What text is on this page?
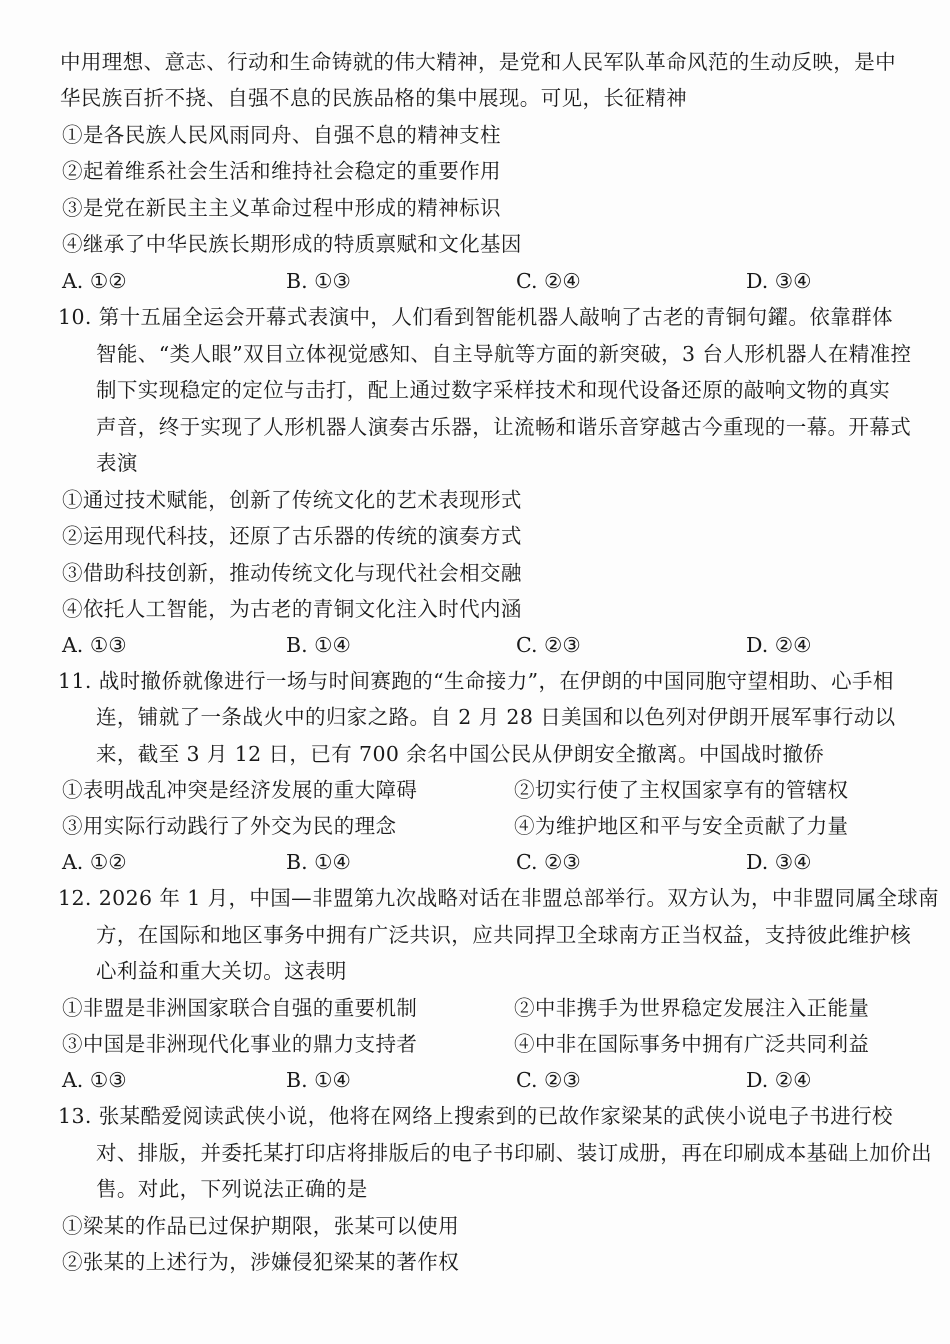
中用理想、意志、行动和生命铸就的伟大精神，是党和人民军队革命风范的生动反映，是中
华民族百折不挠、自强不息的民族品格的集中展现。可见，长征精神
①是各民族人民风雨同舟、自强不息的精神支柱
②起着维系社会生活和维持社会稳定的重要作用
③是党在新民主主义革命过程中形成的精神标识
④继承了中华民族长期形成的特质禀赋和文化基因
A. ①②	B. ①③	C. ②④	D. ③④
10. 第十五届全运会开幕式表演中，人们看到智能机器人敲响了古老的青铜句鑃。依靠群体
智能、“类人眼”双目立体视觉感知、自主导航等方面的新突破，3 台人形机器人在精准控
制下实现稳定的定位与击打，配上通过数字采样技术和现代设备还原的敲响文物的真实
声音，终于实现了人形机器人演奏古乐器，让流畅和谐乐音穿越古今重现的一幕。开幕式
表演
①通过技术赋能，创新了传统文化的艺术表现形式
②运用现代科技，还原了古乐器的传统的演奏方式
③借助科技创新，推动传统文化与现代社会相交融
④依托人工智能，为古老的青铜文化注入时代内涵
A. ①③	B. ①④	C. ②③	D. ②④
11. 战时撤侨就像进行一场与时间赛跑的“生命接力”，在伊朗的中国同胞守望相助、心手相
连，铺就了一条战火中的归家之路。自 2 月 28 日美国和以色列对伊朗开展军事行动以
来，截至 3 月 12 日，已有 700 余名中国公民从伊朗安全撤离。中国战时撤侨
①表明战乱冲突是经济发展的重大障碍	②切实行使了主权国家享有的管辖权
③用实际行动践行了外交为民的理念	④为维护地区和平与安全贡献了力量
A. ①②	B. ①④	C. ②③	D. ③④
12. 2026 年 1 月，中国—非盟第九次战略对话在非盟总部举行。双方认为，中非盟同属全球南
方，在国际和地区事务中拥有广泛共识，应共同捍卫全球南方正当权益，支持彼此维护核
心利益和重大关切。这表明
①非盟是非洲国家联合自强的重要机制	②中非携手为世界稳定发展注入正能量
③中国是非洲现代化事业的鼎力支持者	④中非在国际事务中拥有广泛共同利益
A. ①③	B. ①④	C. ②③	D. ②④
13. 张某酷爱阅读武侠小说，他将在网络上搜索到的已故作家梁某的武侠小说电子书进行校
对、排版，并委托某打印店将排版后的电子书印刷、装订成册，再在印刷成本基础上加价出
售。对此，下列说法正确的是
①梁某的作品已过保护期限，张某可以使用
②张某的上述行为，涉嫌侵犯梁某的著作权
